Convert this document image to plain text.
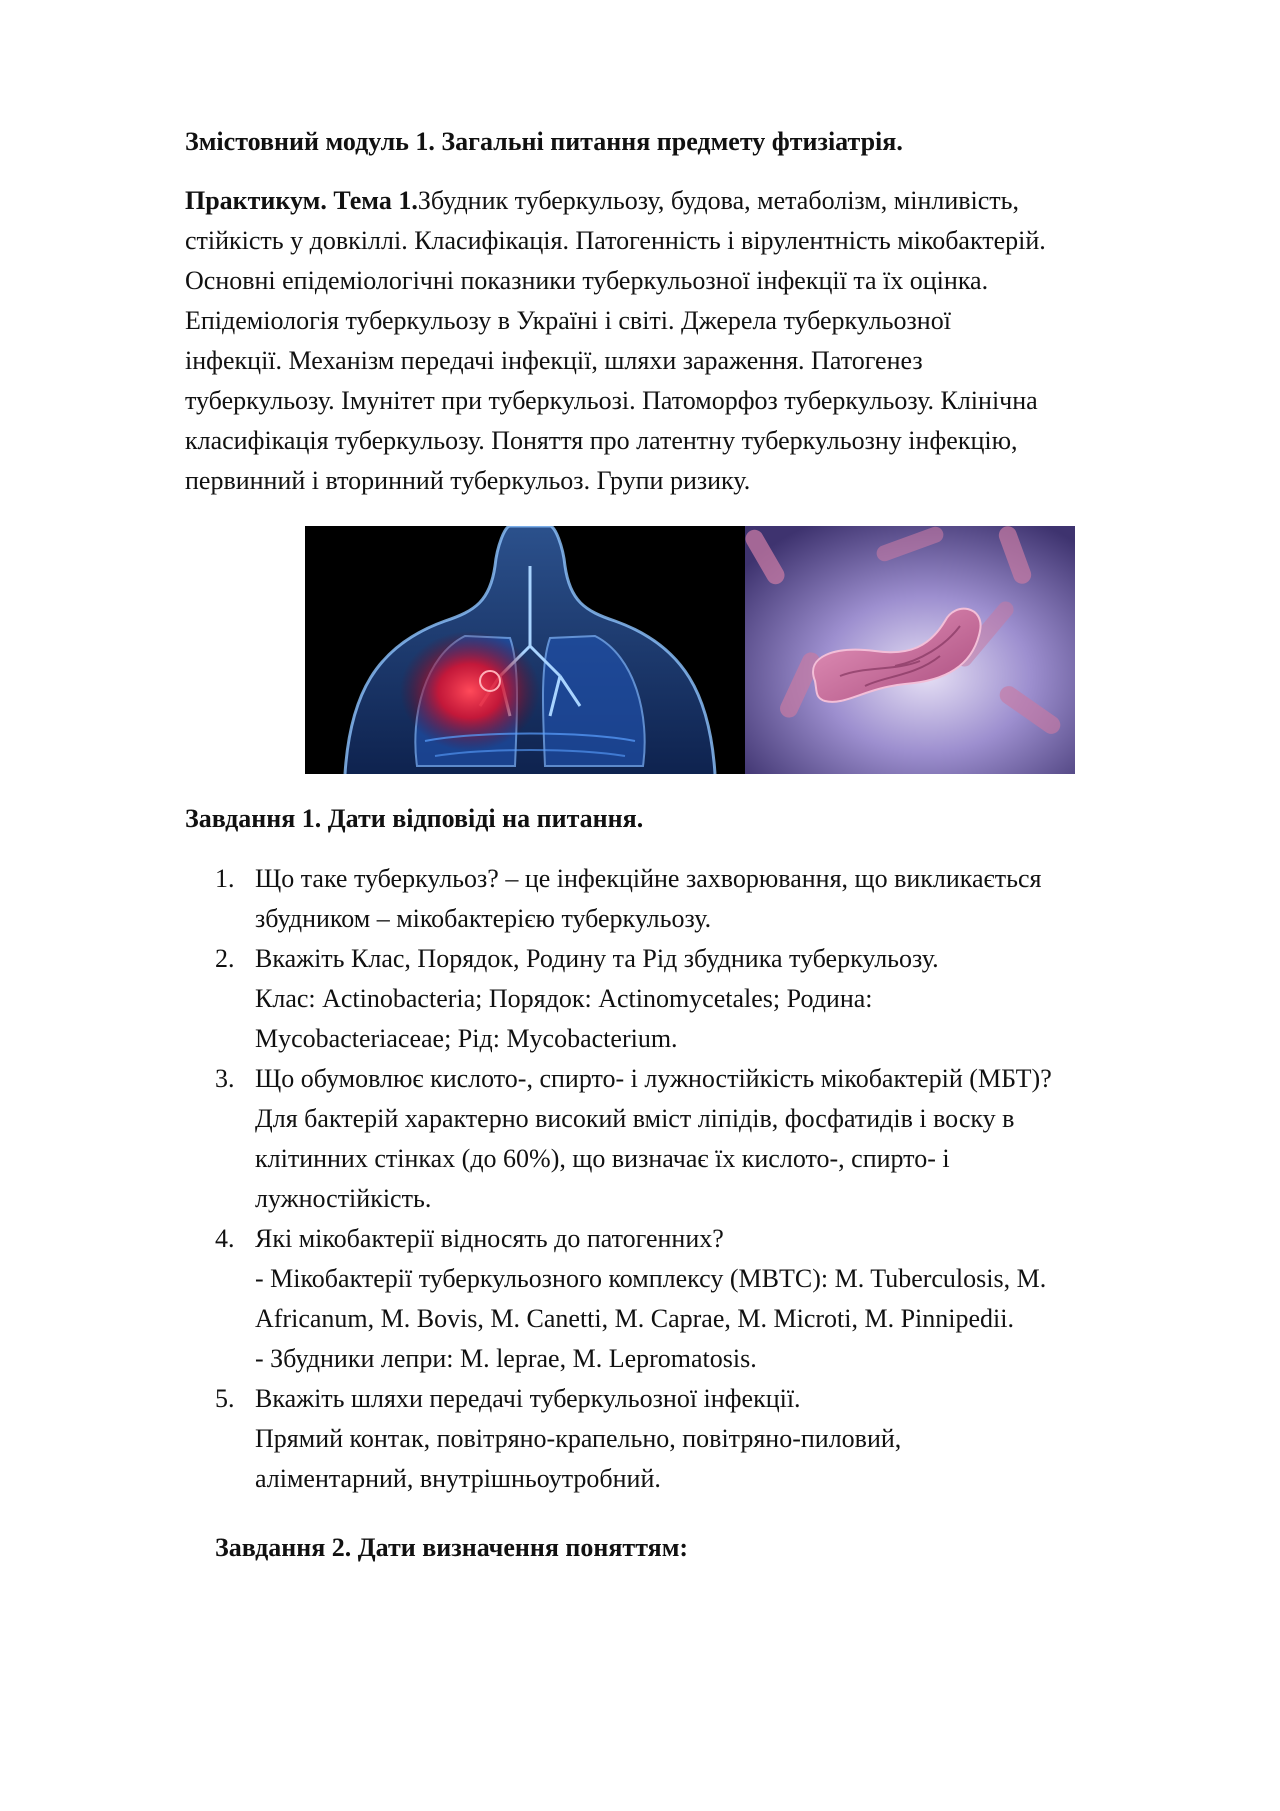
Змістовний модуль 1. Загальні питання предмету фтизіатрія.
Практикум. Тема 1.Збудник туберкульозу, будова, метаболізм, мінливість,
стійкість у довкіллі. Класифікація. Патогенність і вірулентність мікобактерій.
Основні епідеміологічні показники туберкульозної інфекції та їх оцінка.
Епідеміологія туберкульозу в Україні і світі. Джерела туберкульозної
інфекції. Механізм передачі інфекції, шляхи зараження. Патогенез
туберкульозу. Імунітет при туберкульозі. Патоморфоз туберкульозу. Клінічна
класифікація туберкульозу. Поняття про латентну туберкульозну інфекцію,
первинний і вторинний туберкульоз. Групи ризику.
Завдання 1. Дати відповіді на питання.
1. Що таке туберкульоз? – це інфекційне захворювання, що викликається
збудником – мікобактерією туберкульозу.
2. Вкажіть Клас, Порядок, Родину та Рід збудника туберкульозу.
Клас: Actinobacteria; Порядок: Actinomycetales; Родина:
Mycobacteriaceae; Рід: Mycobacterium.
3. Що обумовлює кислото-, спирто- і лужностійкість мікобактерій (МБТ)?
Для бактерій характерно високий вміст ліпідів, фосфатидів і воску в
клітинних стінках (до 60%), що визначає їх кислото-, спирто- і
лужностійкість.
4. Які мікобактерії відносять до патогенних?
- Мікобактерії туберкульозного комплексу (MBTC): M. Tuberculosis, M.
Africanum, M. Bovis, M. Canetti, M. Caprae, M. Microti, M. Pinnipedii.
- Збудники лепри: M. leprae, M. Lepromatosis.
5. Вкажіть шляхи передачі туберкульозної інфекції.
Прямий контак, повітряно-крапельно, повітряно-пиловий,
аліментарний, внутрішньоутробний.
Завдання 2. Дати визначення поняттям:
